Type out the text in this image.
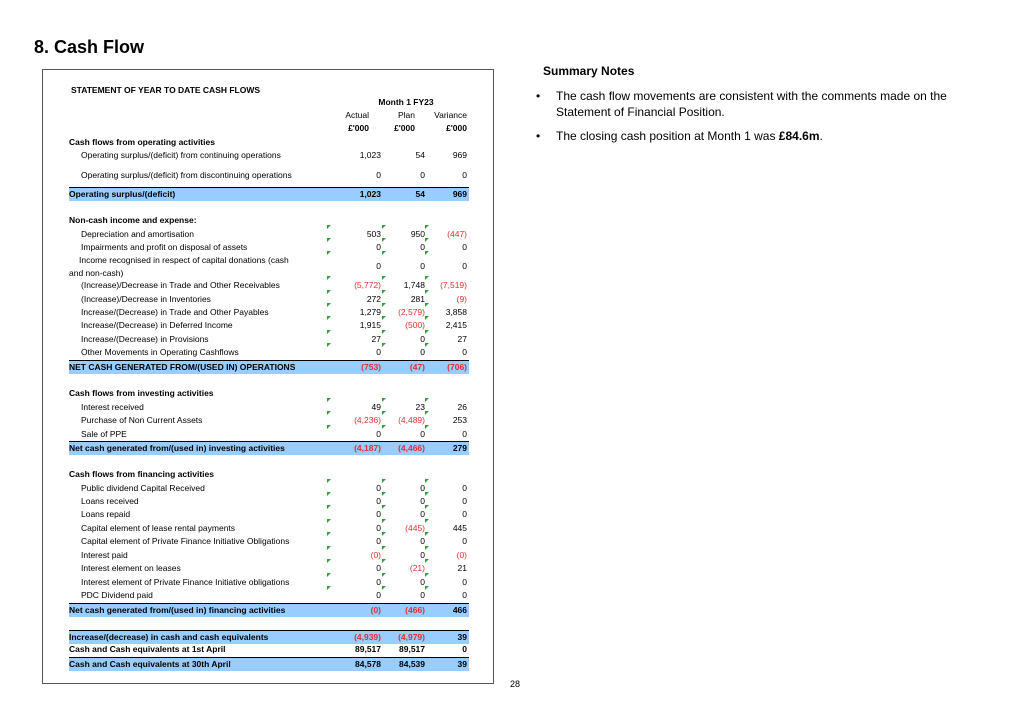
8. Cash Flow
STATEMENT OF YEAR TO DATE CASH FLOWS
Month 1 FY23
Actual	Plan	Variance
£'000	£'000	£'000
Cash flows from operating activities
Operating surplus/(deficit) from continuing operations	1,023	54	969
Operating surplus/(deficit) from discontinuing operations	0	0	0
Operating surplus/(deficit)	1,023	54	969
Non-cash income and expense:
Depreciation and amortisation	503	950	(447)
Impairments and profit on disposal of assets	0	0	0
Income recognised in respect of capital donations (cash
and non-cash)
0	0	0
(Increase)/Decrease in Trade and Other Receivables	(5,772)	1,748	(7,519)
(Increase)/Decrease in Inventories	272	281	(9)
Increase/(Decrease) in Trade and Other Payables	1,279	(2,579)	3,858
Increase/(Decrease) in Deferred Income	1,915	(500)	2,415
Increase/(Decrease) in Provisions	27	0	27
Other Movements in Operating Cashflows	0	0	0
NET CASH GENERATED FROM/(USED IN) OPERATIONS	(753)	(47)	(706)
Cash flows from investing activities
Interest received	49	23	26
Purchase of Non Current Assets	(4,236)	(4,489)	253
Sale of PPE	0	0	0
Net cash generated from/(used in) investing activities	(4,187)	(4,466)	279
Cash flows from financing activities
Public dividend Capital Received	0	0	0
Loans received	0	0	0
Loans repaid	0	0	0
Capital element of lease rental payments	0	(445)	445
Capital element of Private Finance Initiative Obligations	0	0	0
Interest paid	(0)	0	(0)
Interest element on leases	0	(21)	21
Interest element of Private Finance Initiative obligations	0	0	0
PDC Dividend paid	0	0	0
Net cash generated from/(used in) financing activities	(0)	(466)	466
Increase/(decrease) in cash and cash equivalents	(4,939)	(4,979)	39
Cash and Cash equivalents at 1st April	89,517	89,517	0
Cash and Cash equivalents at 30th April	84,578	84,539	39
Summary Notes
• The cash flow movements are consistent with the comments made on the Statement of Financial Position.
• The closing cash position at Month 1 was £84.6m.
28
